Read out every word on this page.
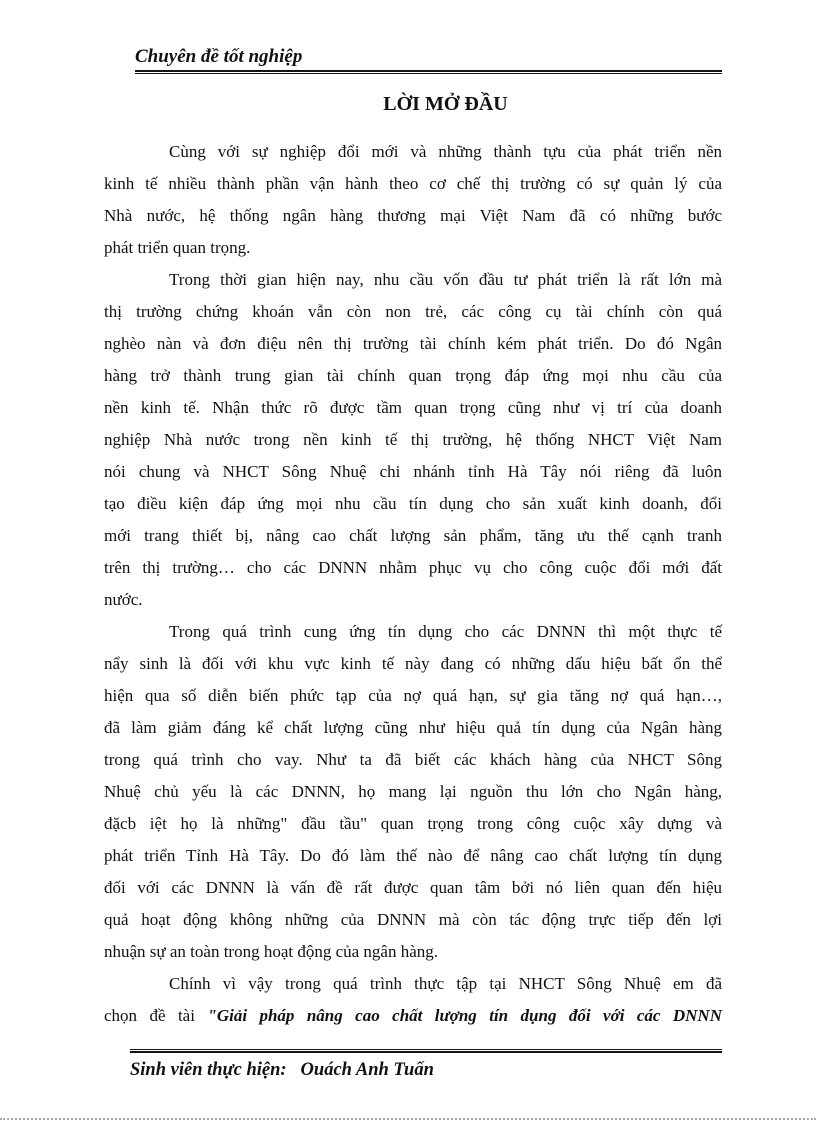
Chuyên đề tốt nghiệp
LỜI MỞ ĐẦU
Cùng với sự nghiệp đổi mới và những thành tựu của phát triển nền
kinh tế nhiều thành phần vận hành theo cơ chế thị trường có sự quản lý của
Nhà nước, hệ thống ngân hàng thương mại Việt Nam đã có những bước
phát triển quan trọng.
Trong thời gian hiện nay, nhu cầu vốn đầu tư phát triển là rất lớn mà
thị trường chứng khoán vẫn còn non trẻ, các công cụ tài chính còn quá
nghèo nàn và đơn điệu nên thị trường tài chính kém phát triển. Do đó Ngân
hàng trở thành trung gian tài chính quan trọng đáp ứng mọi nhu cầu của
nền kinh tế. Nhận thức rõ được tầm quan trọng cũng như vị trí của doanh
nghiệp Nhà nước trong nền kinh tế thị trường, hệ thống NHCT Việt Nam
nói chung và NHCT Sông Nhuệ chi nhánh tỉnh Hà Tây nói riêng đã luôn
tạo điều kiện đáp ứng mọi nhu cầu tín dụng cho sản xuất kinh doanh, đổi
mới trang thiết bị, nâng cao chất lượng sản phẩm, tăng ưu thế cạnh tranh
trên thị trường… cho các DNNN nhằm phục vụ cho công cuộc đổi mới đất
nước.
Trong quá trình cung ứng tín dụng cho các DNNN thì một thực tế
nẩy sinh là đối với khu vực kinh tế này đang có những dấu hiệu bất ổn thể
hiện qua số diễn biến phức tạp của nợ quá hạn, sự gia tăng nợ quá hạn…,
đã làm giảm đáng kể chất lượng cũng như hiệu quả tín dụng của Ngân hàng
trong quá trình cho vay. Như ta đã biết các khách hàng của NHCT Sông
Nhuệ chủ yếu là các DNNN, họ mang lại nguồn thu lớn cho Ngân hàng,
đặcb iệt họ là những" đầu tầu" quan trọng trong công cuộc xây dựng và
phát triển Tỉnh Hà Tây. Do đó làm thế nào để nâng cao chất lượng tín dụng
đối với các DNNN là vấn đề rất được quan tâm bởi nó liên quan đến hiệu
quả hoạt động không những của DNNN mà còn tác động trực tiếp đến lợi
nhuận sự an toàn trong hoạt động của ngân hàng.
Chính vì vậy trong quá trình thực tập tại NHCT Sông Nhuệ em đã
chọn đề tài "Giải pháp nâng cao chất lượng tín dụng đối với các DNNN
Sinh viên thực hiện: Ouách Anh Tuấn
